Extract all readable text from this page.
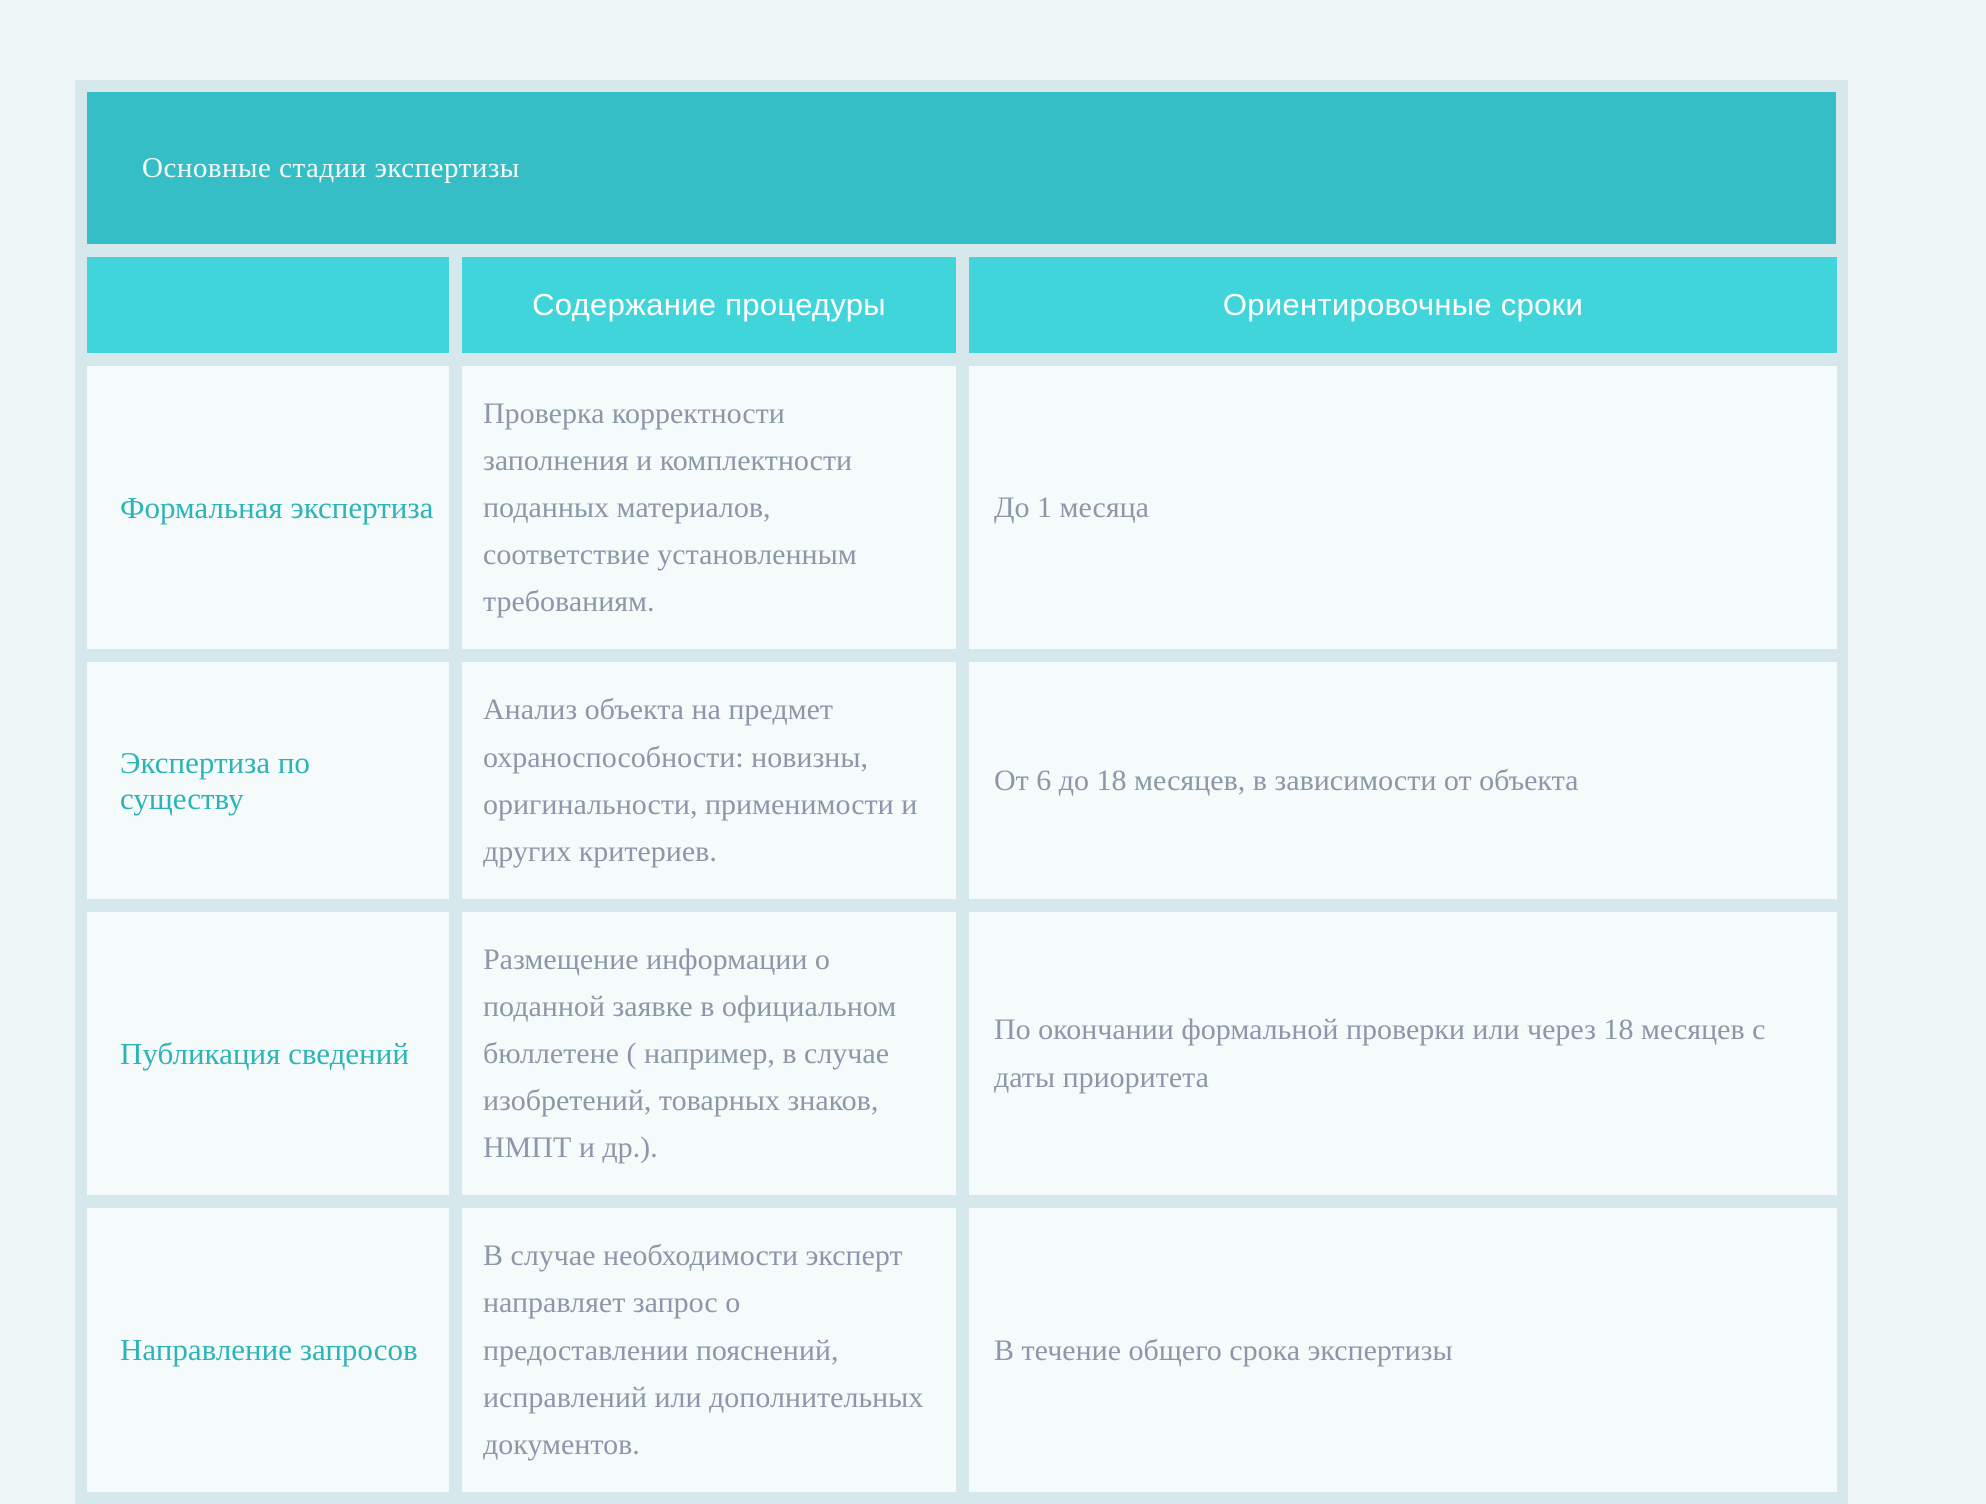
Основные стадии экспертизы
Содержание процедуры	Ориентировочные сроки
Формальная экспертиза
Проверка корректности заполнения и комплектности поданных материалов, соответствие установленным требованиям.
До 1 месяца
Экспертиза по существу
Анализ объекта на предмет охраноспособности: новизны, оригинальности, применимости и других критериев.
От 6 до 18 месяцев, в зависимости от объекта
Публикация сведений
Размещение информации о поданной заявке в официальном бюллетене ( например, в случае изобретений, товарных знаков, НМПТ и др.).
По окончании формальной проверки или через 18 месяцев с даты приоритета
Направление запросов
В случае необходимости эксперт направляет запрос о предоставлении пояснений, исправлений или дополнительных документов.
В течение общего срока экспертизы
